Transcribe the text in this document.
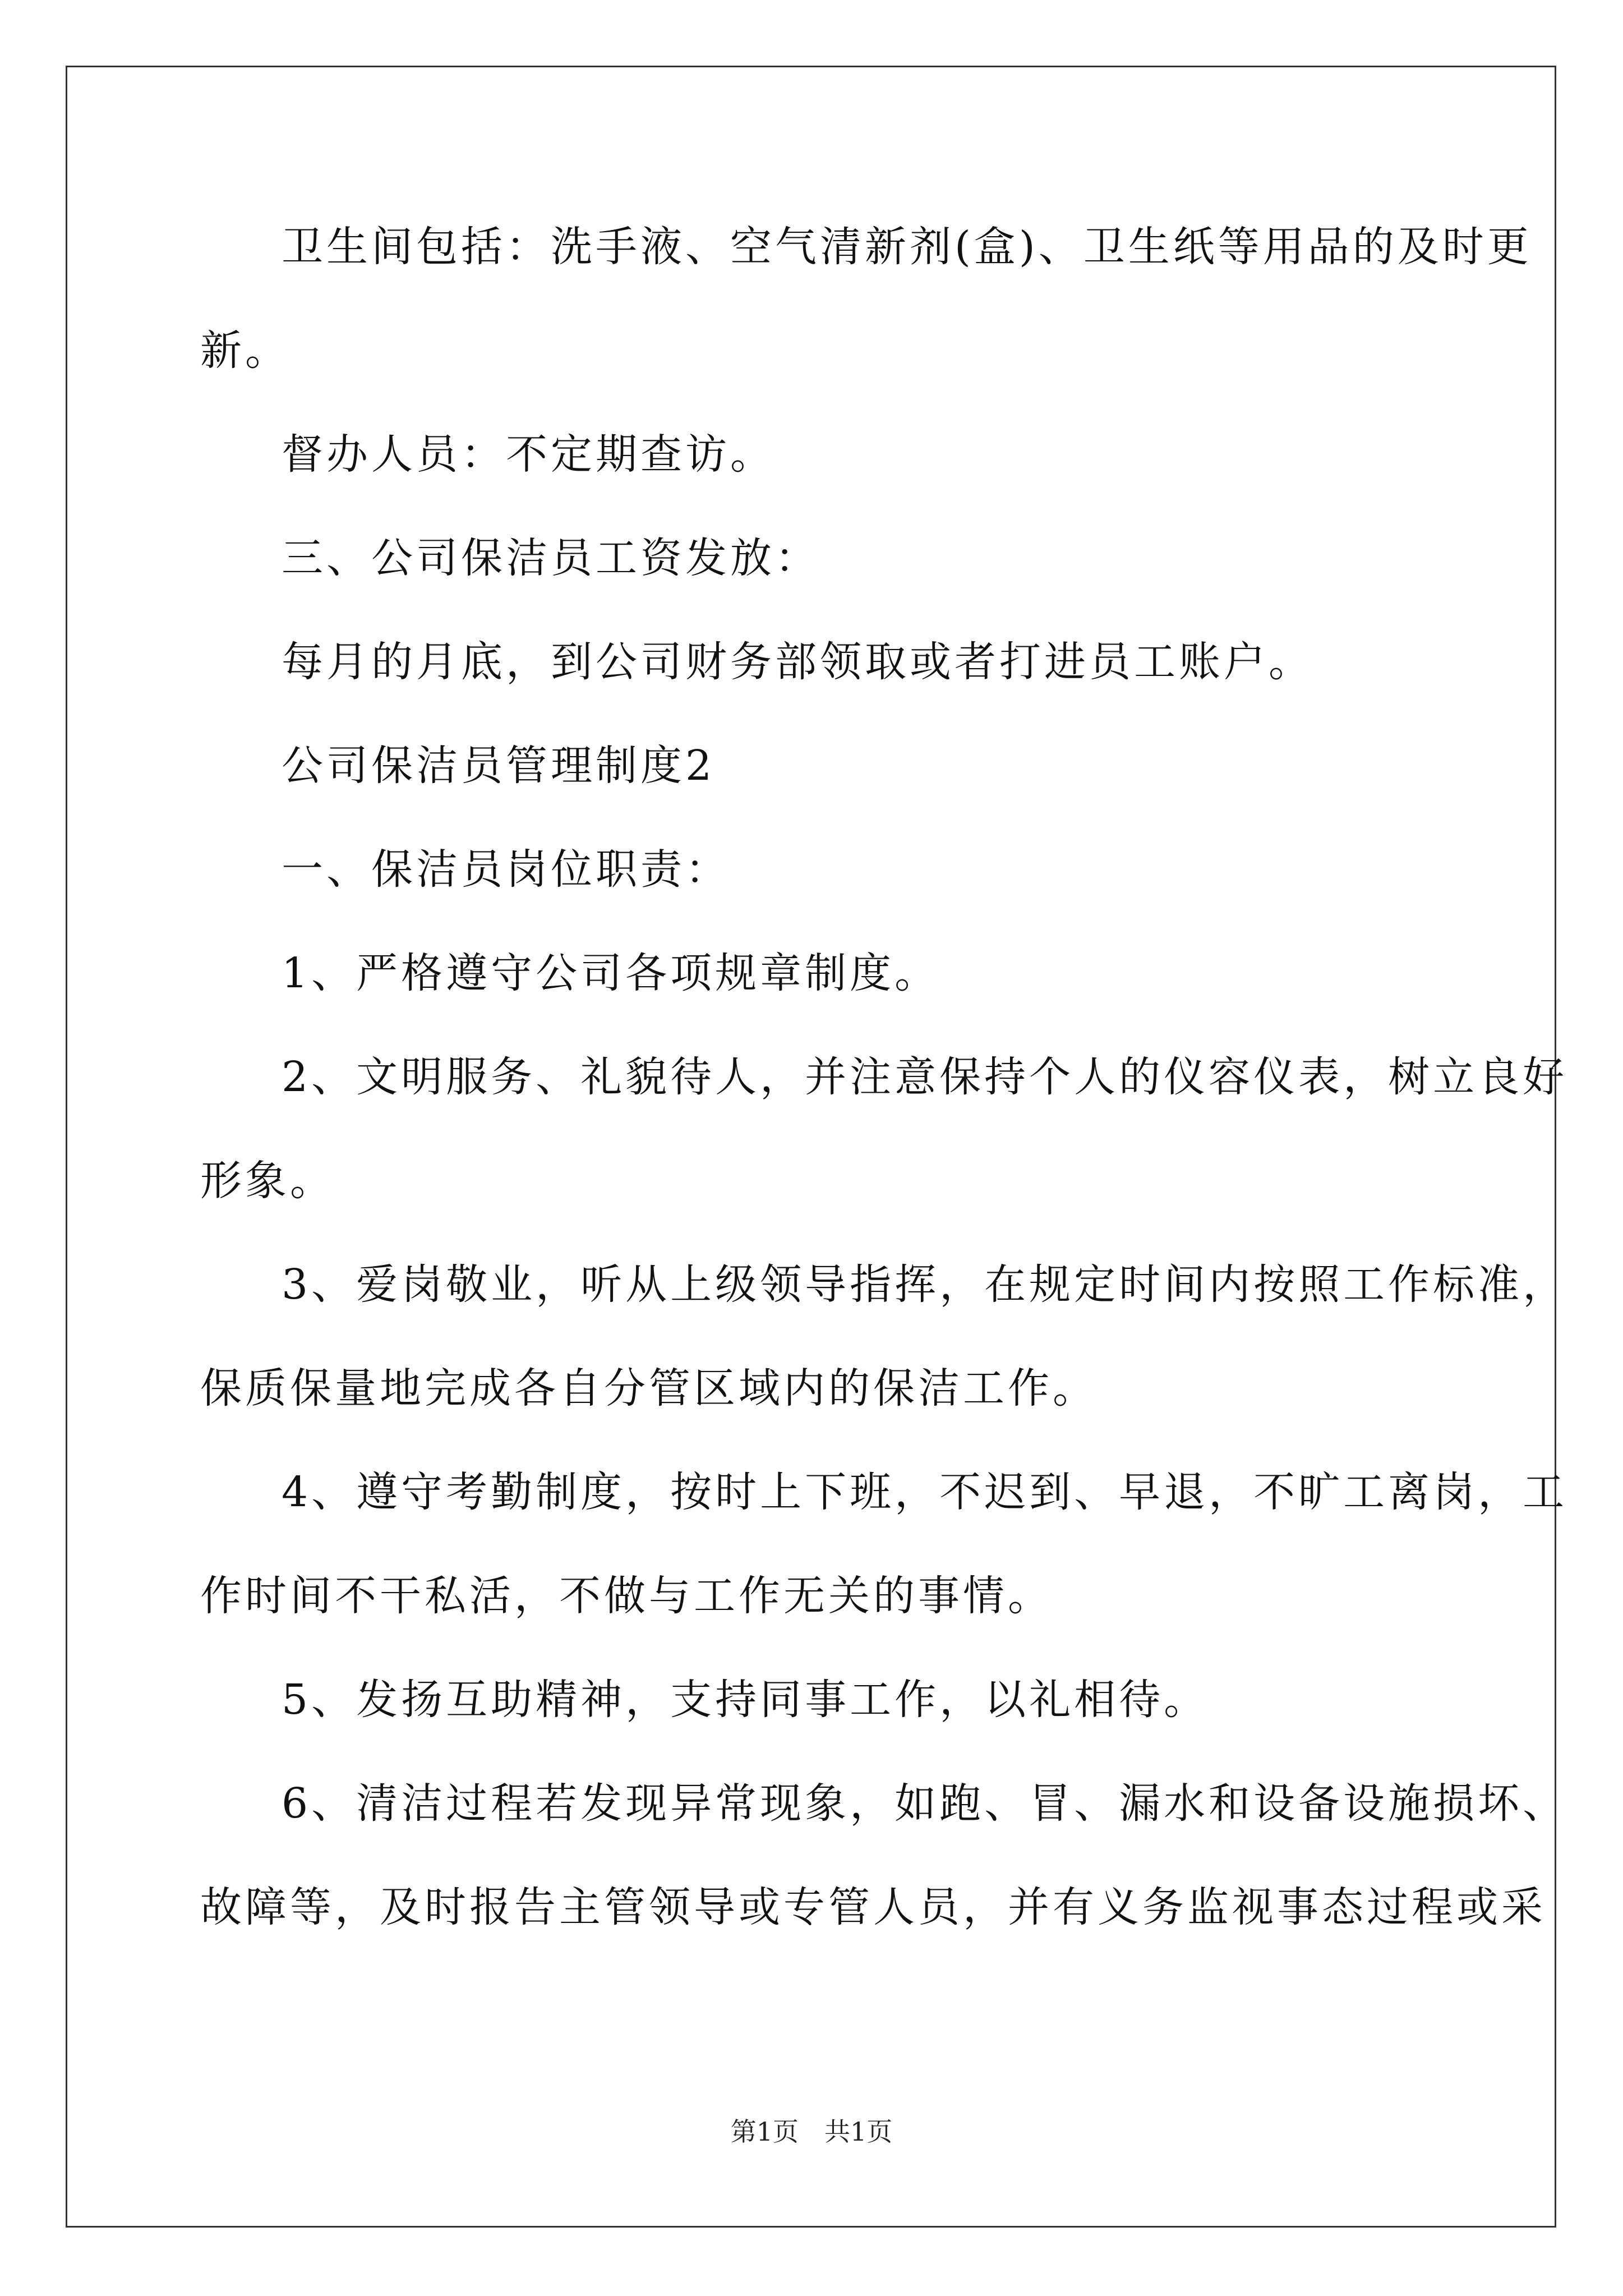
卫生间包括：洗手液、空气清新剂(盒)、卫生纸等用品的及时更
新。
督办人员：不定期查访。
三、公司保洁员工资发放：
每月的月底，到公司财务部领取或者打进员工账户。
公司保洁员管理制度2
一、保洁员岗位职责：
1、严格遵守公司各项规章制度。
2、文明服务、礼貌待人，并注意保持个人的仪容仪表，树立良好
形象。
3、爱岗敬业，听从上级领导指挥，在规定时间内按照工作标准，
保质保量地完成各自分管区域内的保洁工作。
4、遵守考勤制度，按时上下班，不迟到、早退，不旷工离岗，工
作时间不干私活，不做与工作无关的事情。
5、发扬互助精神，支持同事工作，以礼相待。
6、清洁过程若发现异常现象，如跑、冒、漏水和设备设施损坏、
故障等，及时报告主管领导或专管人员，并有义务监视事态过程或采
第1页　共1页
